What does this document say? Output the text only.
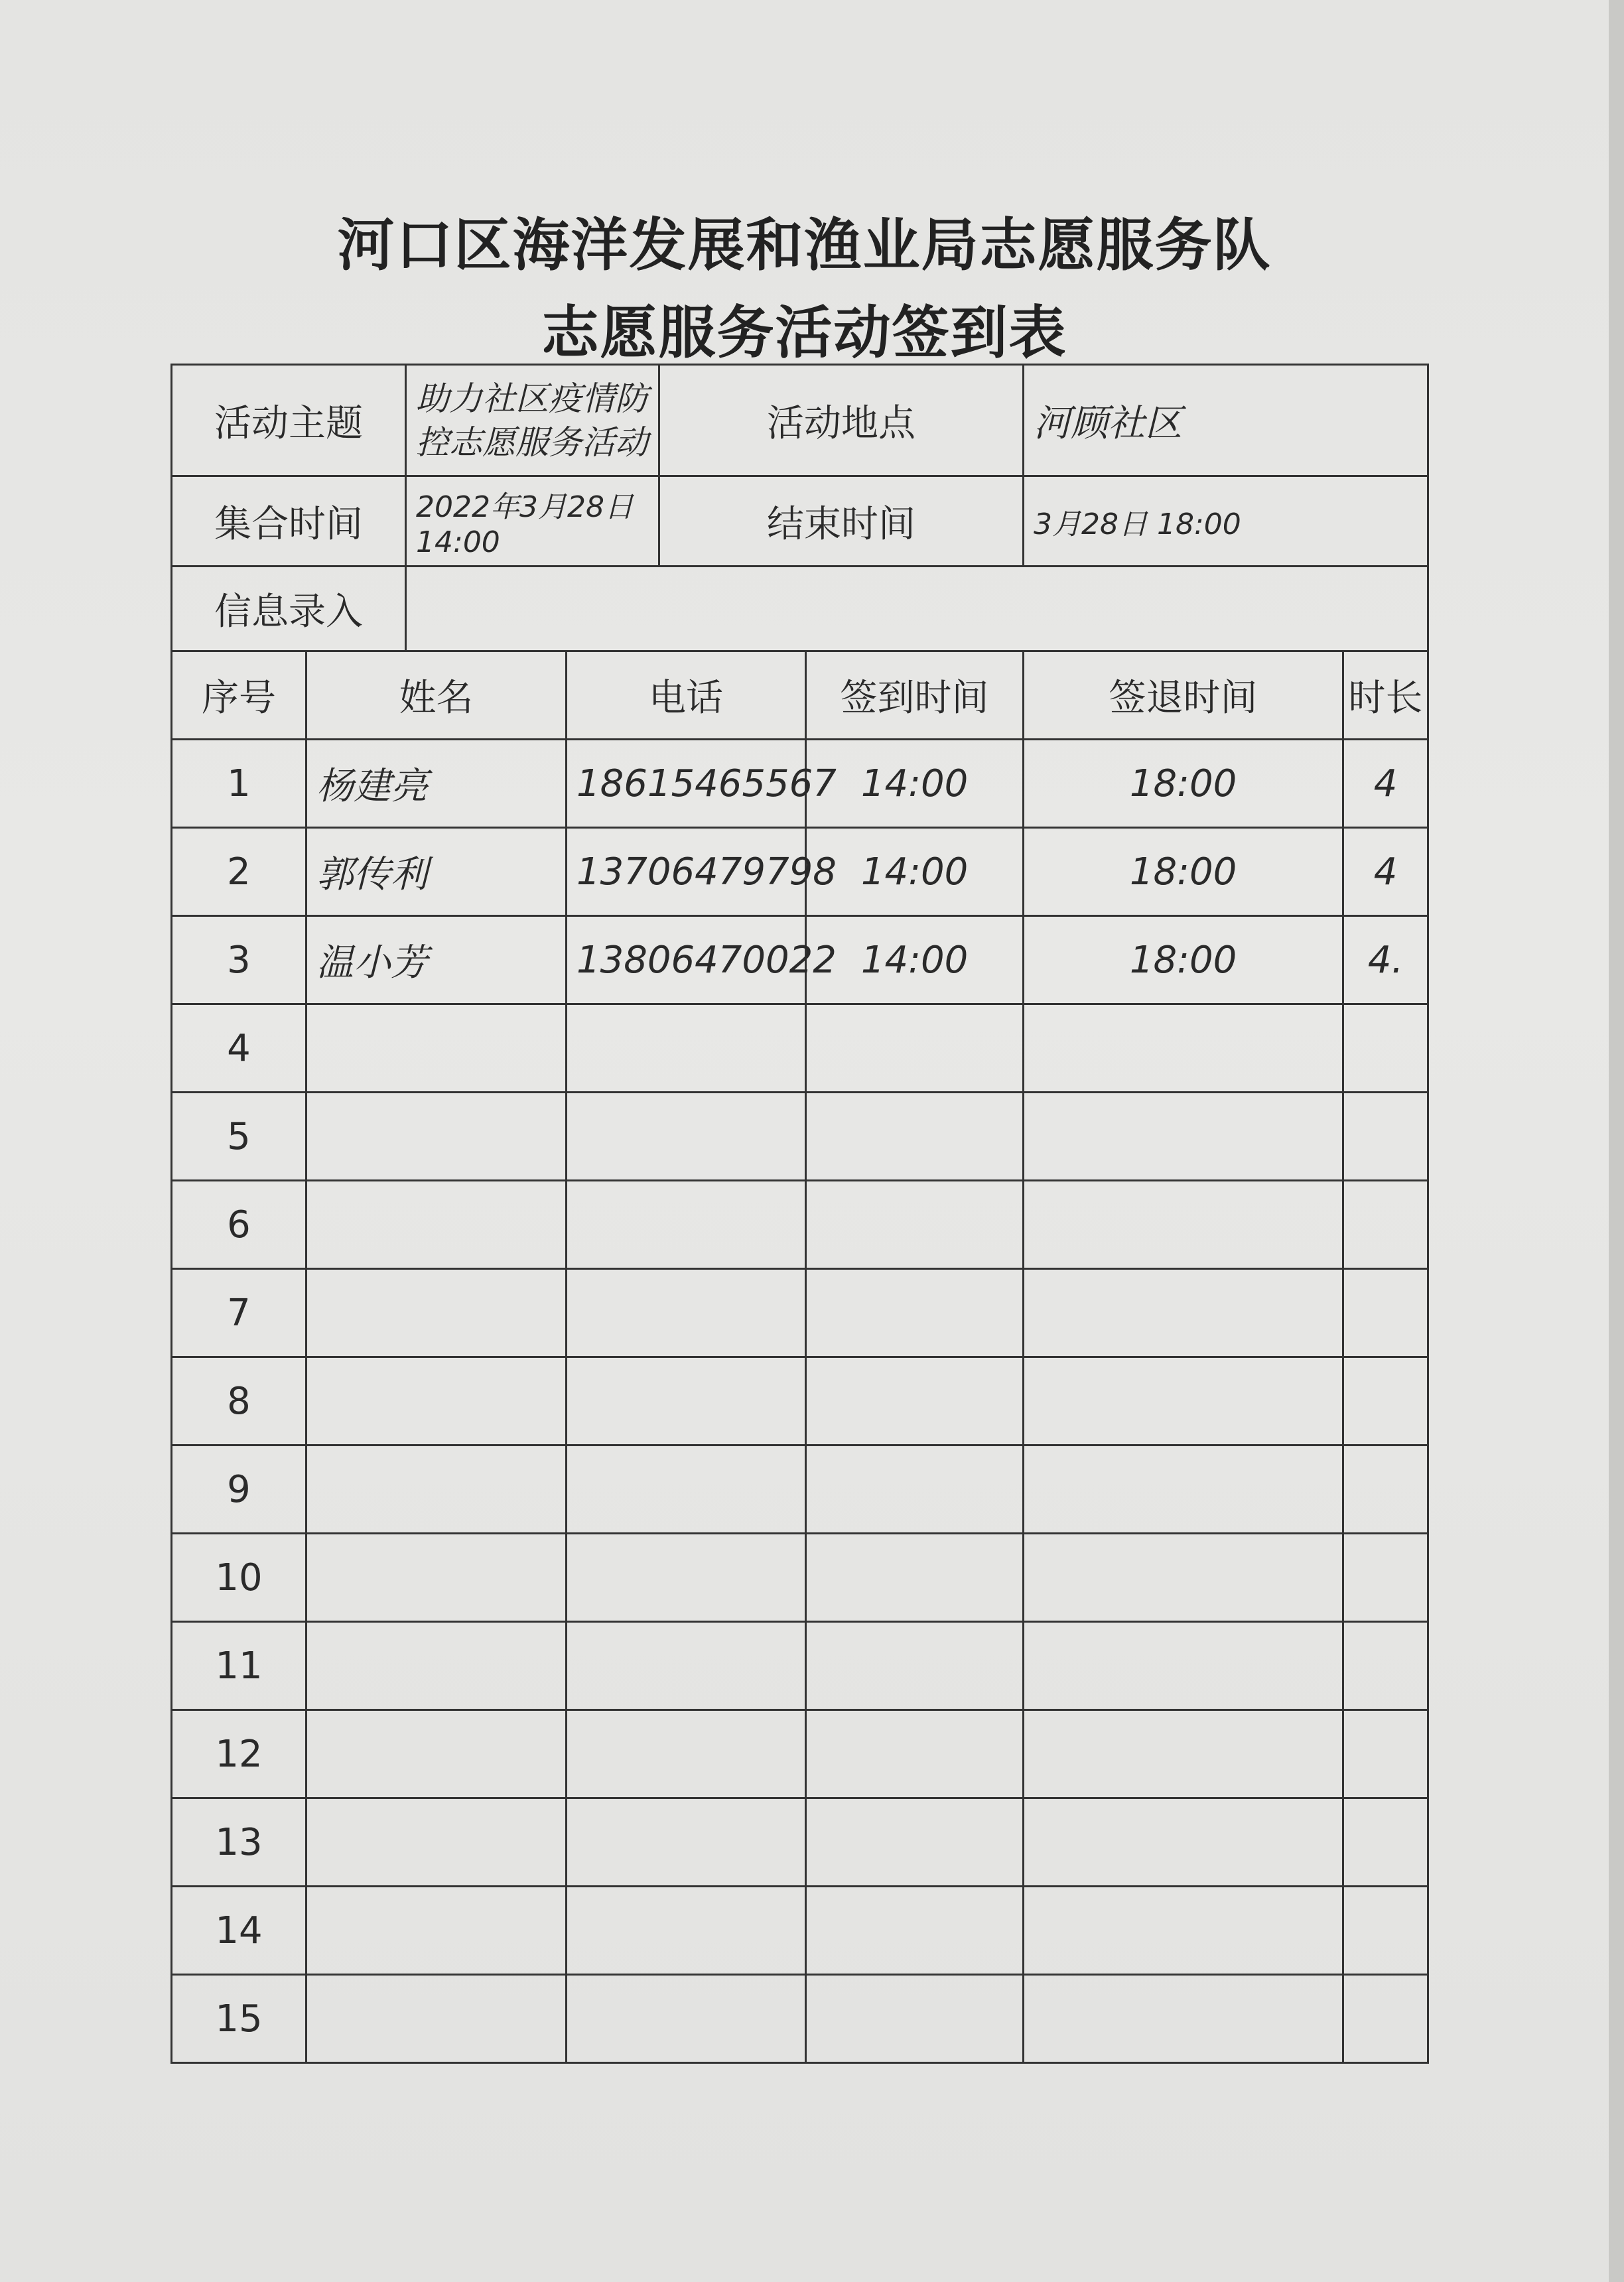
河口区海洋发展和渔业局志愿服务队
志愿服务活动签到表
活动主题		助力社区疫情防控志愿服务活动		活动地点		河顾社区	
集合时间		2022年3月28日 14:00		结束时间		3月28日 18:00	
信息录入							
序号	姓名		电话		签到时间	签退时间	时长
1	杨建亮		18615465567		14:00	18:00	4
2	郭传利		13706479798		14:00	18:00	4
3	温小芳		13806470022		14:00	18:00	4.
4							
5							
6							
7							
8							
9							
10							
11							
12							
13							
14							
15							
